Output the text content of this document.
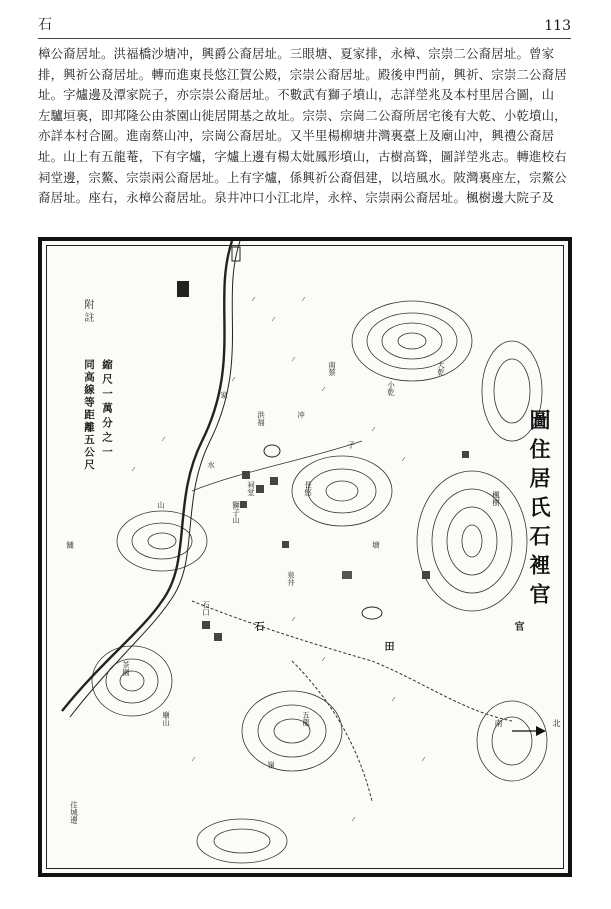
石	113
樟公裔居址。洪福橋沙塘冲，興爵公裔居址。三眼塘、夏家排，永樟、宗崇二公裔居址。曾家
排，興祈公裔居址。轉而進東長悠江賀公殿，宗崇公裔居址。殿後申門前，興祈、宗崇二公裔居
址。字爐邊及潭家院子，亦宗崇公裔居址。不數武有獅子墳山，志詳塋兆及本村里居合圖，山
左驢垣裏，即邦隆公由茶園山徙居開基之故址。宗崇、宗崗二公裔所居宅後有大乾、小乾墳山，
亦詳本村合圖。進南蔡山冲，宗崗公裔居址。又半里楊柳塘井灣裏臺上及廟山冲，興禮公裔居
址。山上有五龍菴，下有字爐，字爐上邊有楊太妣鳳形墳山，古樹高聳，圖詳塋兆志。轉進校右
祠堂邊，宗鰲、宗崇兩公裔居址。上有字爐，係興祈公裔倡建，以培風水。陂灣裏座左，宗鰲公
裔居址。座右，永樟公裔居址。泉井冲口小江北岸，永梓、宗崇兩公裔居址。楓樹邊大院子及
圖住居氏石裡官
附註
縮尺一萬分之一
同高線等距離五公尺
北
南
官
田
石
家
冲
水
塘
子
石口
南蔡
洪福
長悠
山
嶺
舖
大乾
小乾
楓樹
泉井
茶園
獅子山
廟山	五龍
祠堂
往城邊
